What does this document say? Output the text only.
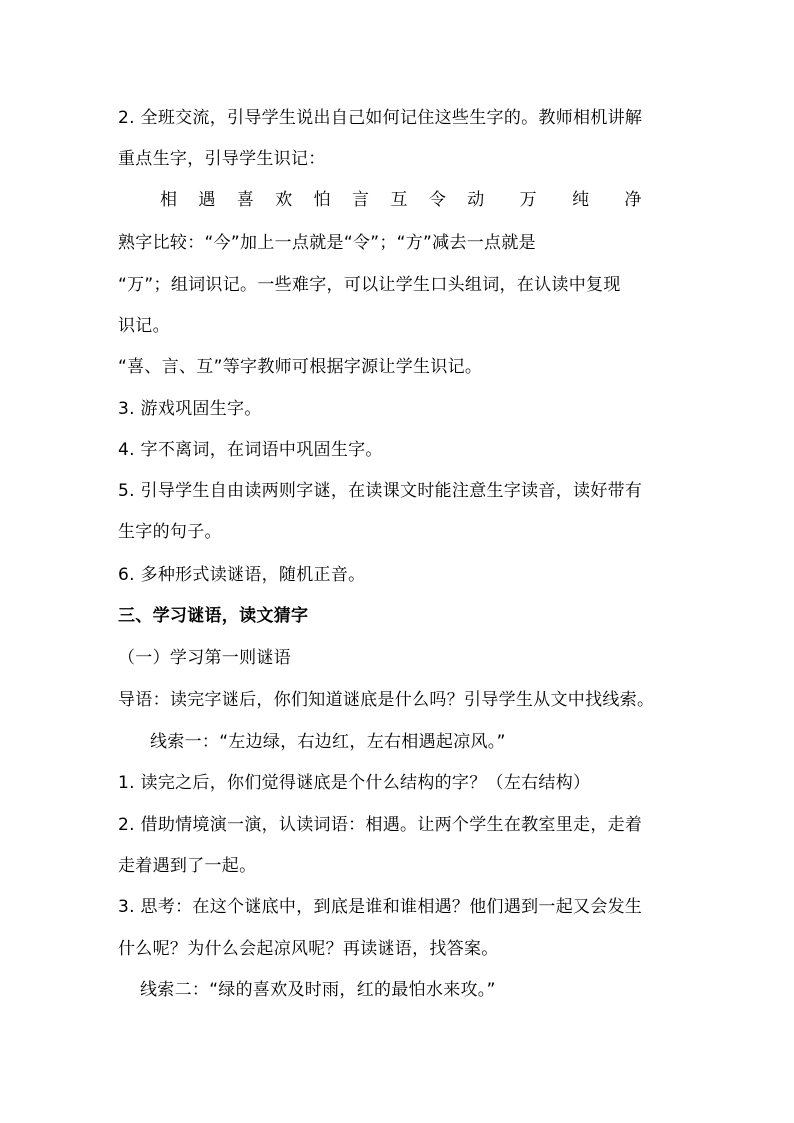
2. 全班交流，引导学生说出自己如何记住这些生字的。教师相机讲解
重点生字，引导学生识记：
相 遇 喜 欢 怕 言 互 令 动 万 纯 净
熟字比较：“今”加上一点就是“令”；“方”减去一点就是
“万”；组词识记。一些难字，可以让学生口头组词，在认读中复现
识记。
“喜、言、互”等字教师可根据字源让学生识记。
3. 游戏巩固生字。
4. 字不离词，在词语中巩固生字。
5. 引导学生自由读两则字谜，在读课文时能注意生字读音，读好带有
生字的句子。
6. 多种形式读谜语，随机正音。
三、学习谜语，读文猜字
（一）学习第一则谜语
导语：读完字谜后，你们知道谜底是什么吗？引导学生从文中找线索。
线索一：“左边绿，右边红，左右相遇起凉风。”
1. 读完之后，你们觉得谜底是个什么结构的字？（左右结构）
2. 借助情境演一演，认读词语：相遇。让两个学生在教室里走，走着
走着遇到了一起。
3. 思考：在这个谜底中，到底是谁和谁相遇？他们遇到一起又会发生
什么呢？为什么会起凉风呢？再读谜语，找答案。
线索二：“绿的喜欢及时雨，红的最怕水来攻。”
